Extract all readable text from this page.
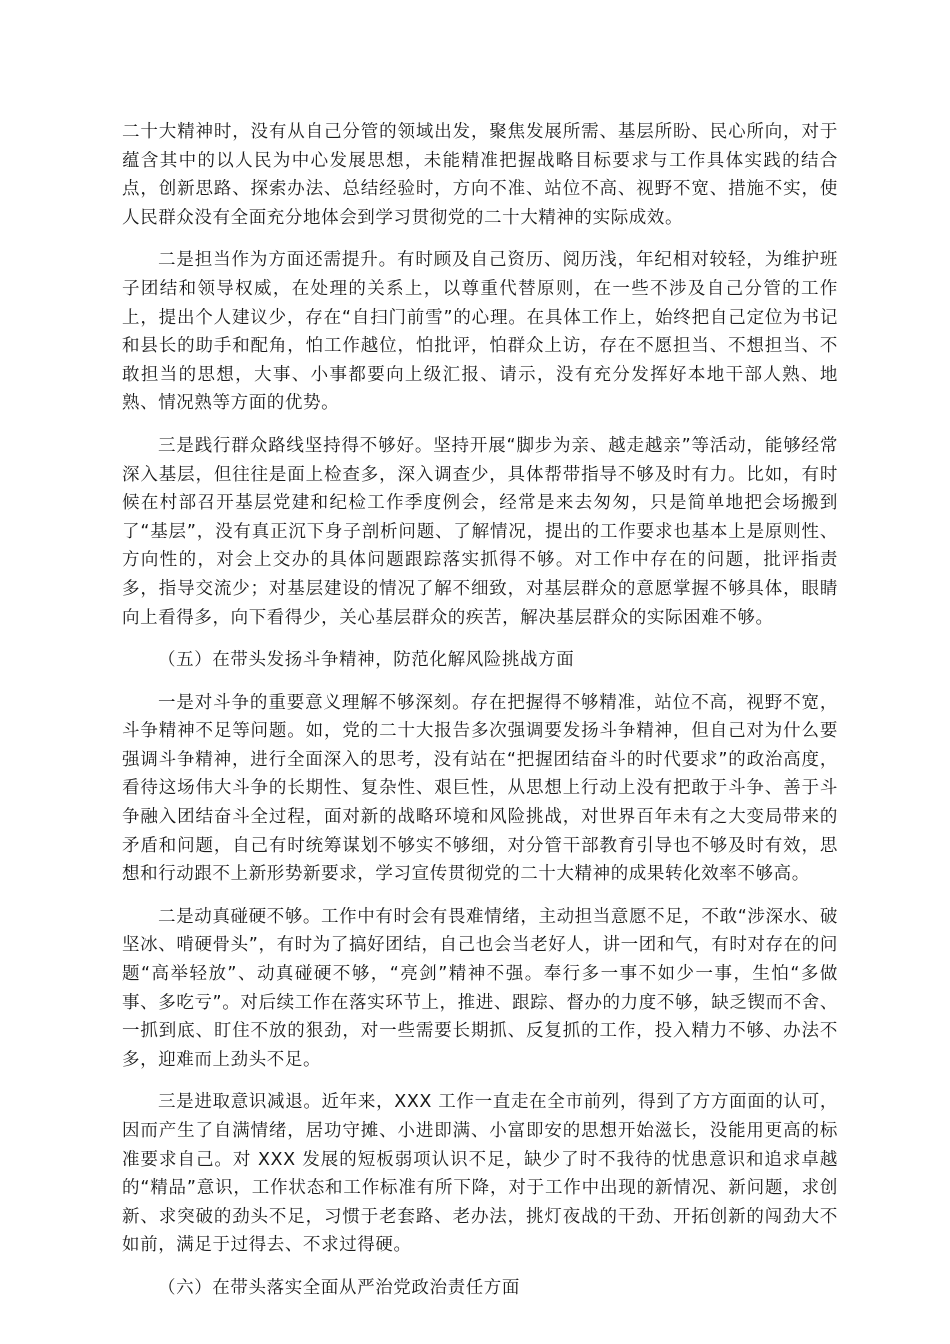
二十大精神时，没有从自己分管的领域出发，聚焦发展所需、基层所盼、民心所向，对于蕴含其中的以人民为中心发展思想，未能精准把握战略目标要求与工作具体实践的结合点，创新思路、探索办法、总结经验时，方向不准、站位不高、视野不宽、措施不实，使人民群众没有全面充分地体会到学习贯彻党的二十大精神的实际成效。

二是担当作为方面还需提升。有时顾及自己资历、阅历浅，年纪相对较轻，为维护班子团结和领导权威，在处理的关系上，以尊重代替原则，在一些不涉及自己分管的工作上，提出个人建议少，存在“自扫门前雪”的心理。在具体工作上，始终把自己定位为书记和县长的助手和配角，怕工作越位，怕批评，怕群众上访，存在不愿担当、不想担当、不敢担当的思想，大事、小事都要向上级汇报、请示，没有充分发挥好本地干部人熟、地熟、情况熟等方面的优势。

三是践行群众路线坚持得不够好。坚持开展“脚步为亲、越走越亲”等活动，能够经常深入基层，但往往是面上检查多，深入调查少，具体帮带指导不够及时有力。比如，有时候在村部召开基层党建和纪检工作季度例会，经常是来去匆匆，只是简单地把会场搬到了“基层”，没有真正沉下身子剖析问题、了解情况，提出的工作要求也基本上是原则性、方向性的，对会上交办的具体问题跟踪落实抓得不够。对工作中存在的问题，批评指责多，指导交流少；对基层建设的情况了解不细致，对基层群众的意愿掌握不够具体，眼睛向上看得多，向下看得少，关心基层群众的疾苦，解决基层群众的实际困难不够。

（五）在带头发扬斗争精神，防范化解风险挑战方面

一是对斗争的重要意义理解不够深刻。存在把握得不够精准，站位不高，视野不宽，斗争精神不足等问题。如，党的二十大报告多次强调要发扬斗争精神，但自己对为什么要强调斗争精神，进行全面深入的思考，没有站在“把握团结奋斗的时代要求”的政治高度，看待这场伟大斗争的长期性、复杂性、艰巨性，从思想上行动上没有把敢于斗争、善于斗争融入团结奋斗全过程，面对新的战略环境和风险挑战，对世界百年未有之大变局带来的矛盾和问题，自己有时统筹谋划不够实不够细，对分管干部教育引导也不够及时有效，思想和行动跟不上新形势新要求，学习宣传贯彻党的二十大精神的成果转化效率不够高。

二是动真碰硬不够。工作中有时会有畏难情绪，主动担当意愿不足，不敢“涉深水、破坚冰、啃硬骨头”，有时为了搞好团结，自己也会当老好人，讲一团和气，有时对存在的问题“高举轻放”、动真碰硬不够，“亮剑”精神不强。奉行多一事不如少一事，生怕“多做事、多吃亏”。对后续工作在落实环节上，推进、跟踪、督办的力度不够，缺乏锲而不舍、一抓到底、盯住不放的狠劲，对一些需要长期抓、反复抓的工作，投入精力不够、办法不多，迎难而上劲头不足。

三是进取意识减退。近年来，XXX 工作一直走在全市前列，得到了方方面面的认可，因而产生了自满情绪，居功守摊、小进即满、小富即安的思想开始滋长，没能用更高的标准要求自己。对 XXX 发展的短板弱项认识不足，缺少了时不我待的忧患意识和追求卓越的“精品”意识，工作状态和工作标准有所下降，对于工作中出现的新情况、新问题，求创新、求突破的劲头不足，习惯于老套路、老办法，挑灯夜战的干劲、开拓创新的闯劲大不如前，满足于过得去、不求过得硬。

（六）在带头落实全面从严治党政治责任方面
